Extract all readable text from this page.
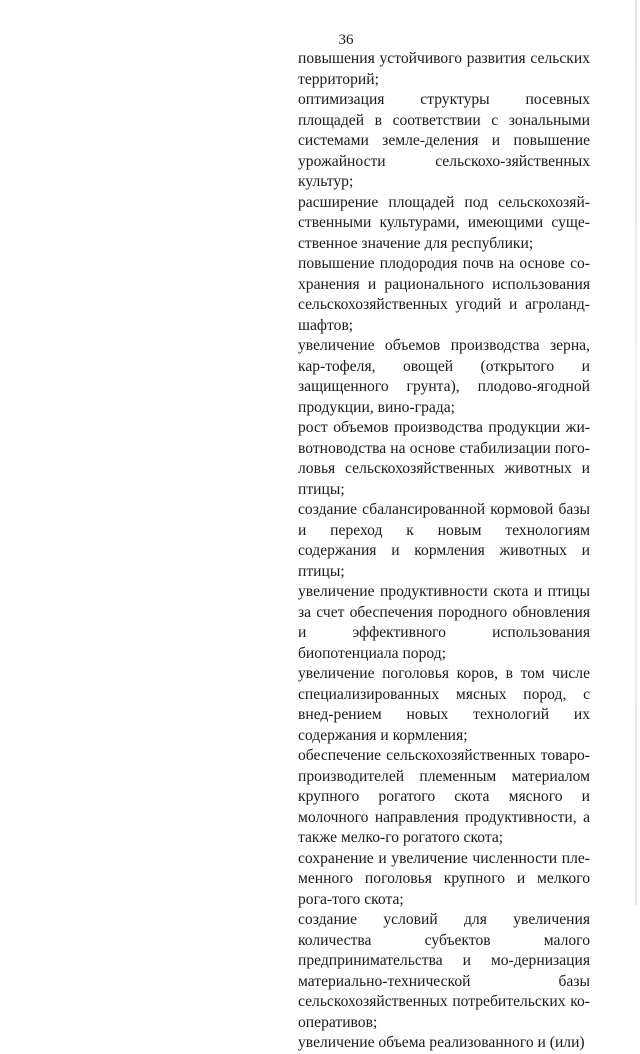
36

повышения устойчивого развития сельских территорий;

оптимизация структуры посевных площадей в соответствии с зональными системами земле-деления и повышение урожайности сельскохо-зяйственных культур;

расширение площадей под сельскохозяй-ственными культурами, имеющими суще-ственное значение для республики;

повышение плодородия почв на основе со-хранения и рационального использования сельскохозяйственных угодий и агроланд-шафтов;

увеличение объемов производства зерна, кар-тофеля, овощей (открытого и защищенного грунта), плодово-ягодной продукции, вино-града;

рост объемов производства продукции жи-вотноводства на основе стабилизации пого-ловья сельскохозяйственных животных и птицы;

создание сбалансированной кормовой базы и переход к новым технологиям содержания и кормления животных и птицы;

увеличение продуктивности скота и птицы за счет обеспечения породного обновления и эффективного использования биопотенциала пород;

увеличение поголовья коров, в том числе специализированных мясных пород, с внед-рением новых технологий их содержания и кормления;

обеспечение сельскохозяйственных товаро-производителей племенным материалом крупного рогатого скота мясного и молочного направления продуктивности, а также мелко-го рогатого скота;

сохранение и увеличение численности пле-менного поголовья крупного и мелкого рога-того скота;

создание условий для увеличения количества субъектов малого предпринимательства и мо-дернизация материально-технической базы сельскохозяйственных потребительских ко-оперативов;

увеличение объема реализованного и (или)
